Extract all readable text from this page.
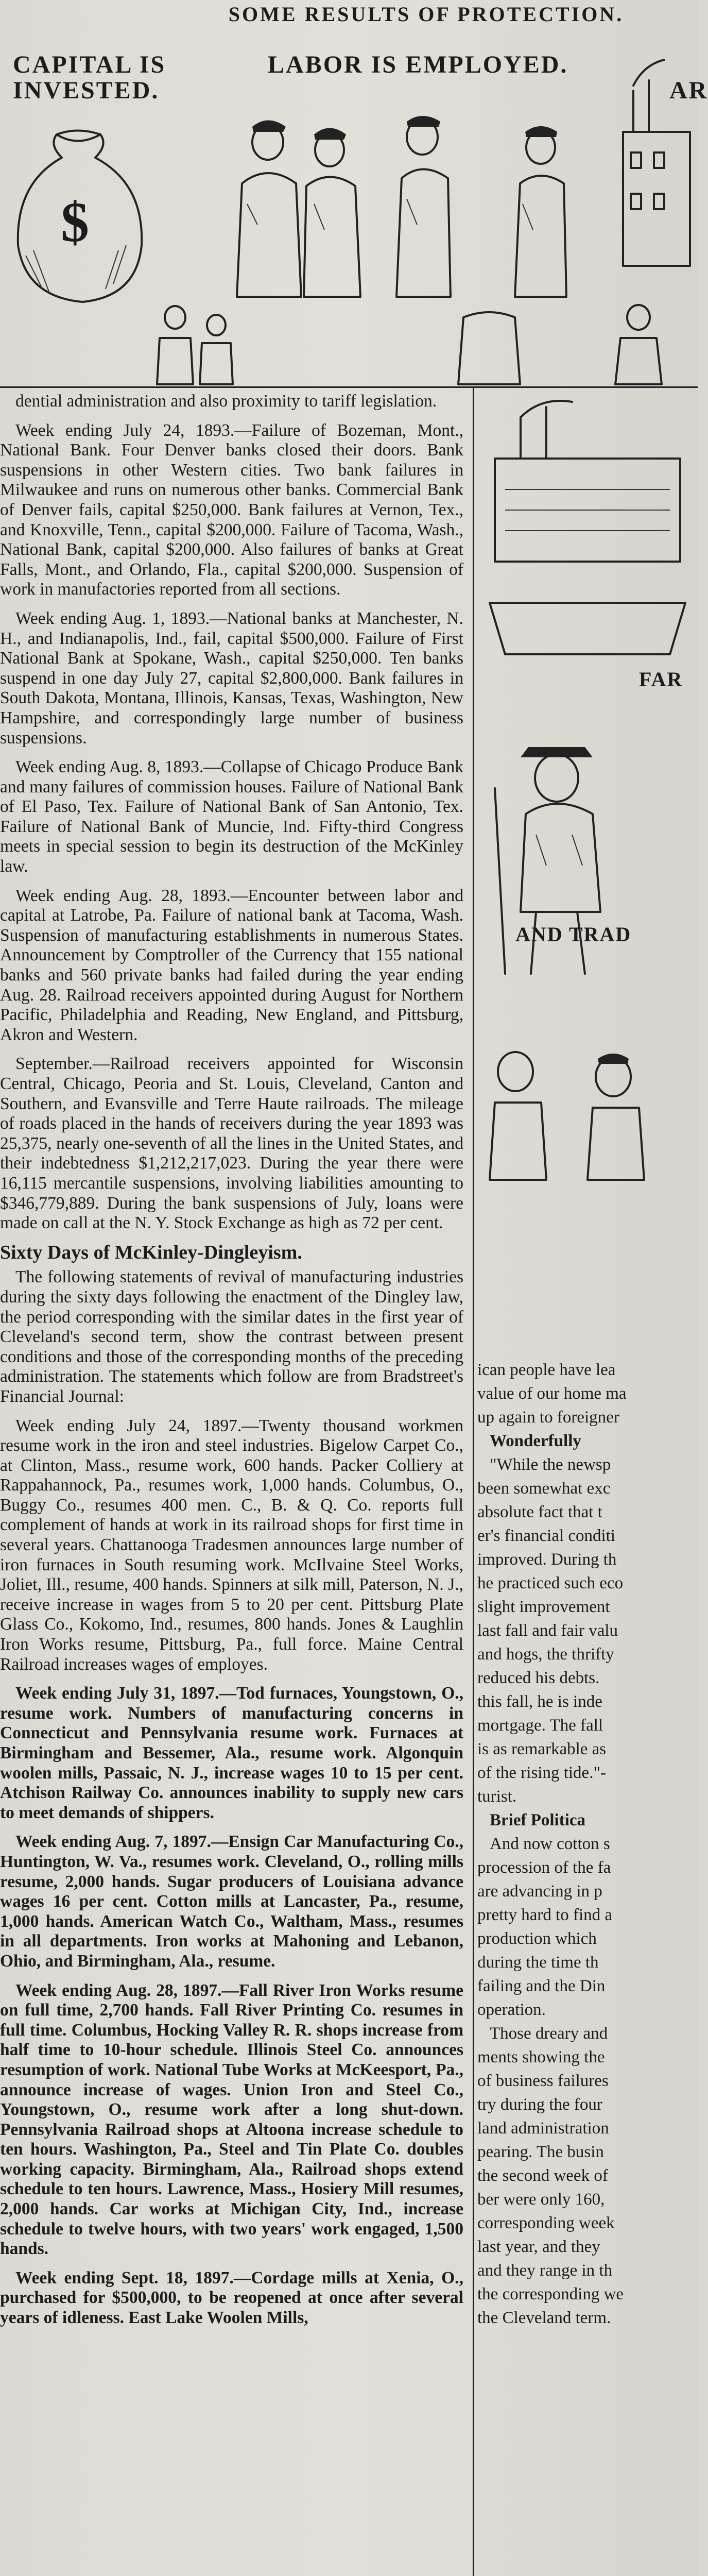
SOME RESULTS OF PROTECTION.
CAPITAL IS INVESTED.
LABOR IS EMPLOYED.
AR
$

dential administration and also proximity to tariff legislation.

Week ending July 24, 1893.—Failure of Bozeman, Mont., National Bank. Four Denver banks closed their doors. Bank suspensions in other Western cities. Two bank failures in Milwaukee and runs on numerous other banks. Commercial Bank of Denver fails, capital $250,000. Bank failures at Vernon, Tex., and Knoxville, Tenn., capital $200,000. Failure of Tacoma, Wash., National Bank, capital $200,000. Also failures of banks at Great Falls, Mont., and Orlando, Fla., capital $200,000. Suspension of work in manufactories reported from all sections.

Week ending Aug. 1, 1893.—National banks at Manchester, N. H., and Indianapolis, Ind., fail, capital $500,000. Failure of First National Bank at Spokane, Wash., capital $250,000. Ten banks suspend in one day July 27, capital $2,800,000. Bank failures in South Dakota, Montana, Illinois, Kansas, Texas, Washington, New Hampshire, and correspondingly large number of business suspensions.

Week ending Aug. 8, 1893.—Collapse of Chicago Produce Bank and many failures of commission houses. Failure of National Bank of El Paso, Tex. Failure of National Bank of San Antonio, Tex. Failure of National Bank of Muncie, Ind. Fifty-third Congress meets in special session to begin its destruction of the McKinley law.

Week ending Aug. 28, 1893.—Encounter between labor and capital at Latrobe, Pa. Failure of national bank at Tacoma, Wash. Suspension of manufacturing establishments in numerous States. Announcement by Comptroller of the Currency that 155 national banks and 560 private banks had failed during the year ending Aug. 28. Railroad receivers appointed during August for Northern Pacific, Philadelphia and Reading, New England, and Pittsburg, Akron and Western.

September.—Railroad receivers appointed for Wisconsin Central, Chicago, Peoria and St. Louis, Cleveland, Canton and Southern, and Evansville and Terre Haute railroads. The mileage of roads placed in the hands of receivers during the year 1893 was 25,375, nearly one-seventh of all the lines in the United States, and their indebtedness $1,212,217,023. During the year there were 16,115 mercantile suspensions, involving liabilities amounting to $346,779,889. During the bank suspensions of July, loans were made on call at the N. Y. Stock Exchange as high as 72 per cent.

Sixty Days of McKinley-Dingleyism.

The following statements of revival of manufacturing industries during the sixty days following the enactment of the Dingley law, the period corresponding with the similar dates in the first year of Cleveland's second term, show the contrast between present conditions and those of the corresponding months of the preceding administration. The statements which follow are from Bradstreet's Financial Journal:

Week ending July 24, 1897.—Twenty thousand workmen resume work in the iron and steel industries. Bigelow Carpet Co., at Clinton, Mass., resume work, 600 hands. Packer Colliery at Rappahannock, Pa., resumes work, 1,000 hands. Columbus, O., Buggy Co., resumes 400 men. C., B. & Q. Co. reports full complement of hands at work in its railroad shops for first time in several years. Chattanooga Tradesmen announces large number of iron furnaces in South resuming work. McIlvaine Steel Works, Joliet, Ill., resume, 400 hands. Spinners at silk mill, Paterson, N. J., receive increase in wages from 5 to 20 per cent. Pittsburg Plate Glass Co., Kokomo, Ind., resumes, 800 hands. Jones & Laughlin Iron Works resume, Pittsburg, Pa., full force. Maine Central Railroad increases wages of employes.

Week ending July 31, 1897.—Tod furnaces, Youngstown, O., resume work. Numbers of manufacturing concerns in Connecticut and Pennsylvania resume work. Furnaces at Birmingham and Bessemer, Ala., resume work. Algonquin woolen mills, Passaic, N. J., increase wages 10 to 15 per cent. Atchison Railway Co. announces inability to supply new cars to meet demands of shippers.

Week ending Aug. 7, 1897.—Ensign Car Manufacturing Co., Huntington, W. Va., resumes work. Cleveland, O., rolling mills resume, 2,000 hands. Sugar producers of Louisiana advance wages 16 per cent. Cotton mills at Lancaster, Pa., resume, 1,000 hands. American Watch Co., Waltham, Mass., resumes in all departments. Iron works at Mahoning and Lebanon, Ohio, and Birmingham, Ala., resume.

Week ending Aug. 28, 1897.—Fall River Iron Works resume on full time, 2,700 hands. Fall River Printing Co. resumes in full time. Columbus, Hocking Valley R. R. shops increase from half time to 10-hour schedule. Illinois Steel Co. announces resumption of work. National Tube Works at McKeesport, Pa., announce increase of wages. Union Iron and Steel Co., Youngstown, O., resume work after a long shut-down. Pennsylvania Railroad shops at Altoona increase schedule to ten hours. Washington, Pa., Steel and Tin Plate Co. doubles working capacity. Birmingham, Ala., Railroad shops extend schedule to ten hours. Lawrence, Mass., Hosiery Mill resumes, 2,000 hands. Car works at Michigan City, Ind., increase schedule to twelve hours, with two years' work engaged, 1,500 hands.

Week ending Sept. 18, 1897.—Cordage mills at Xenia, O., purchased for $500,000, to be reopened at once after several years of idleness. East Lake Woolen Mills,

FAR
AND TRAD

ican people have lea

value of our home ma

up again to foreigner

Wonderfully

"While the newsp

been somewhat exc

absolute fact that t

er's financial conditi

improved. During th

he practiced such eco

slight improvement

last fall and fair valu

and hogs, the thrifty

reduced his debts.

this fall, he is inde

mortgage. The fall

is as remarkable as

of the rising tide."-

turist.

Brief Politica

And now cotton s

procession of the fa

are advancing in p

pretty hard to find a

production which

during the time th

failing and the Din

operation.

Those dreary and

ments showing the

of business failures

try during the four

land administration

pearing. The busin

the second week of

ber were only 160,

corresponding week

last year, and they

and they range in th

the corresponding we

the Cleveland term.
